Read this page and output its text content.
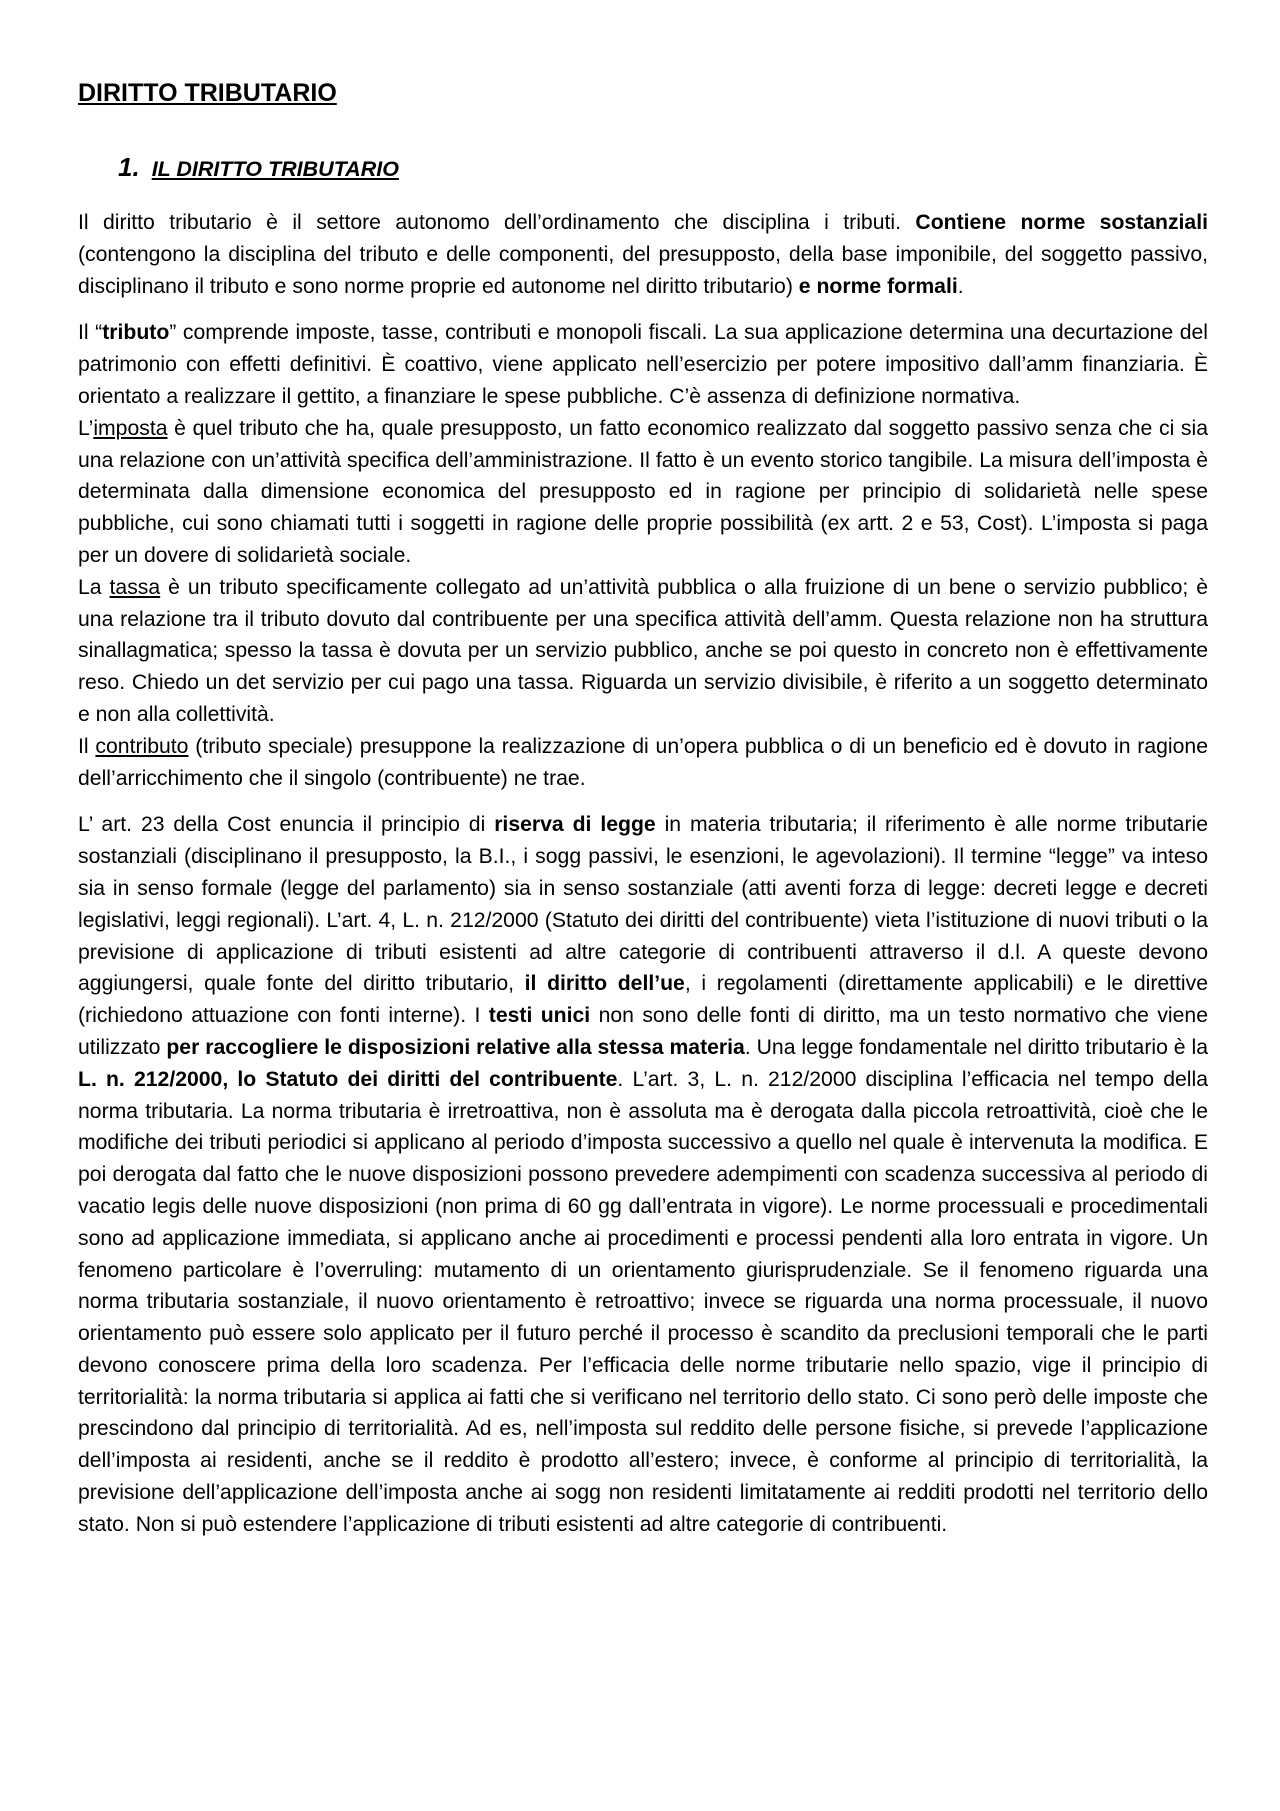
DIRITTO TRIBUTARIO
1. IL DIRITTO TRIBUTARIO

Il diritto tributario è il settore autonomo dell’ordinamento che disciplina i tributi. Contiene norme sostanziali (contengono la disciplina del tributo e delle componenti, del presupposto, della base imponibile, del soggetto passivo, disciplinano il tributo e sono norme proprie ed autonome nel diritto tributario) e norme formali.

Il “tributo” comprende imposte, tasse, contributi e monopoli fiscali. La sua applicazione determina una decurtazione del patrimonio con effetti definitivi. È coattivo, viene applicato nell’esercizio per potere impositivo dall’amm finanziaria. È orientato a realizzare il gettito, a finanziare le spese pubbliche. C’è assenza di definizione normativa.

L’imposta è quel tributo che ha, quale presupposto, un fatto economico realizzato dal soggetto passivo senza che ci sia una relazione con un’attività specifica dell’amministrazione. Il fatto è un evento storico tangibile. La misura dell’imposta è determinata dalla dimensione economica del presupposto ed in ragione per principio di solidarietà nelle spese pubbliche, cui sono chiamati tutti i soggetti in ragione delle proprie possibilità (ex artt. 2 e 53, Cost). L’imposta si paga per un dovere di solidarietà sociale.

La tassa è un tributo specificamente collegato ad un’attività pubblica o alla fruizione di un bene o servizio pubblico; è una relazione tra il tributo dovuto dal contribuente per una specifica attività dell’amm. Questa relazione non ha struttura sinallagmatica; spesso la tassa è dovuta per un servizio pubblico, anche se poi questo in concreto non è effettivamente reso. Chiedo un det servizio per cui pago una tassa. Riguarda un servizio divisibile, è riferito a un soggetto determinato e non alla collettività.

Il contributo (tributo speciale) presuppone la realizzazione di un’opera pubblica o di un beneficio ed è dovuto in ragione dell’arricchimento che il singolo (contribuente) ne trae.

L’ art. 23 della Cost enuncia il principio di riserva di legge in materia tributaria; il riferimento è alle norme tributarie sostanziali (disciplinano il presupposto, la B.I., i sogg passivi, le esenzioni, le agevolazioni). Il termine “legge” va inteso sia in senso formale (legge del parlamento) sia in senso sostanziale (atti aventi forza di legge: decreti legge e decreti legislativi, leggi regionali). L’art. 4, L. n. 212/2000 (Statuto dei diritti del contribuente) vieta l’istituzione di nuovi tributi o la previsione di applicazione di tributi esistenti ad altre categorie di contribuenti attraverso il d.l. A queste devono aggiungersi, quale fonte del diritto tributario, il diritto dell’ue, i regolamenti (direttamente applicabili) e le direttive (richiedono attuazione con fonti interne). I testi unici non sono delle fonti di diritto, ma un testo normativo che viene utilizzato per raccogliere le disposizioni relative alla stessa materia. Una legge fondamentale nel diritto tributario è la L. n. 212/2000, lo Statuto dei diritti del contribuente. L’art. 3, L. n. 212/2000 disciplina l’efficacia nel tempo della norma tributaria. La norma tributaria è irretroattiva, non è assoluta ma è derogata dalla piccola retroattività, cioè che le modifiche dei tributi periodici si applicano al periodo d’imposta successivo a quello nel quale è intervenuta la modifica. E poi derogata dal fatto che le nuove disposizioni possono prevedere adempimenti con scadenza successiva al periodo di vacatio legis delle nuove disposizioni (non prima di 60 gg dall’entrata in vigore). Le norme processuali e procedimentali sono ad applicazione immediata, si applicano anche ai procedimenti e processi pendenti alla loro entrata in vigore. Un fenomeno particolare è l’overruling: mutamento di un orientamento giurisprudenziale. Se il fenomeno riguarda una norma tributaria sostanziale, il nuovo orientamento è retroattivo; invece se riguarda una norma processuale, il nuovo orientamento può essere solo applicato per il futuro perché il processo è scandito da preclusioni temporali che le parti devono conoscere prima della loro scadenza. Per l’efficacia delle norme tributarie nello spazio, vige il principio di territorialità: la norma tributaria si applica ai fatti che si verificano nel territorio dello stato. Ci sono però delle imposte che prescindono dal principio di territorialità. Ad es, nell’imposta sul reddito delle persone fisiche, si prevede l’applicazione dell’imposta ai residenti, anche se il reddito è prodotto all’estero; invece, è conforme al principio di territorialità, la previsione dell’applicazione dell’imposta anche ai sogg non residenti limitatamente ai redditi prodotti nel territorio dello stato. Non si può estendere l’applicazione di tributi esistenti ad altre categorie di contribuenti.
